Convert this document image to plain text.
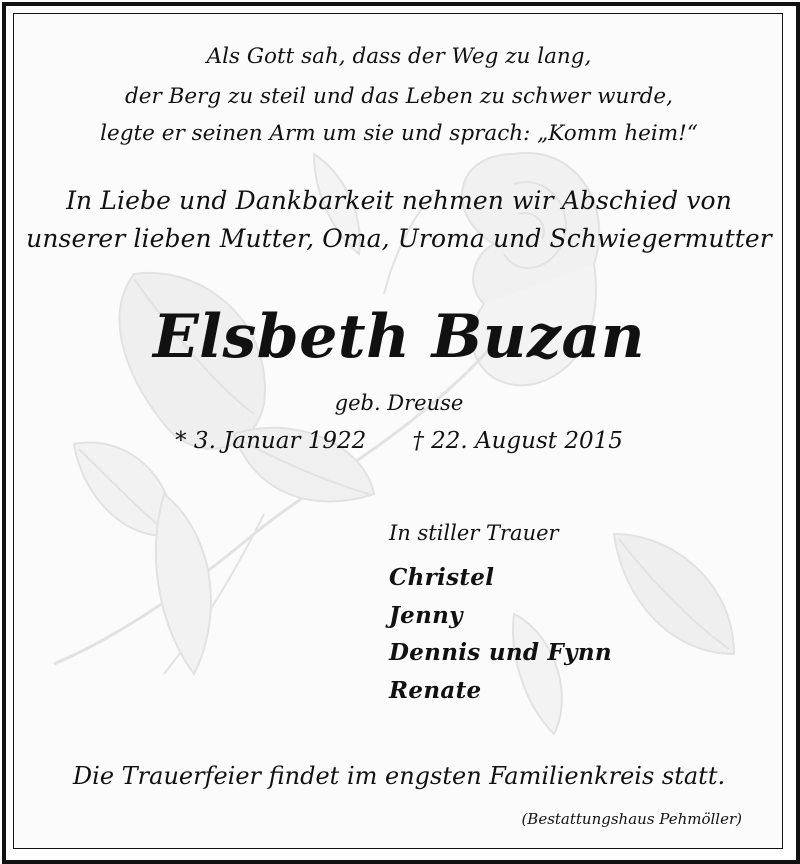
Als Gott sah, dass der Weg zu lang,
der Berg zu steil und das Leben zu schwer wurde,
legte er seinen Arm um sie und sprach: „Komm heim!“
In Liebe und Dankbarkeit nehmen wir Abschied von
unserer lieben Mutter, Oma, Uroma und Schwiegermutter
Elsbeth Buzan
geb. Dreuse
* 3. Januar 1922 † 22. August 2015
In stiller Trauer
Christel
Jenny
Dennis und Fynn
Renate
Die Trauerfeier findet im engsten Familienkreis statt.
(Bestattungshaus Pehmöller)
